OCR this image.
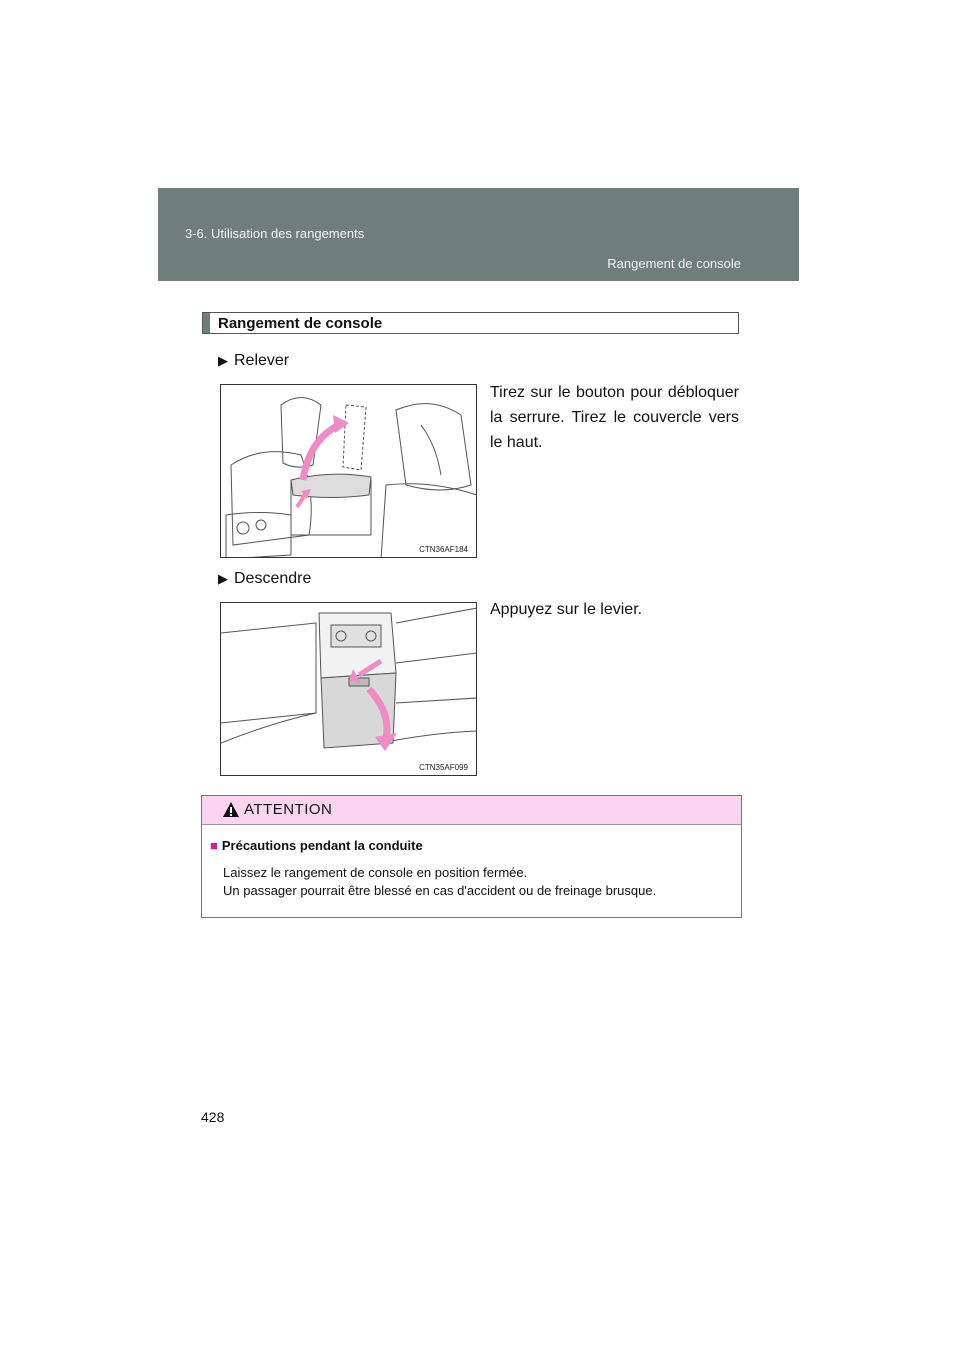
3-6. Utilisation des rangements
Rangement de console
Rangement de console
▶ Relever
CTN36AF184
Tirez sur le bouton pour débloquer la serrure. Tirez le couvercle vers le haut.
▶ Descendre
CTN35AF099
Appuyez sur le levier.
ATTENTION
■ Précautions pendant la conduite
Laissez le rangement de console en position fermée.
Un passager pourrait être blessé en cas d'accident ou de freinage brusque.
428
